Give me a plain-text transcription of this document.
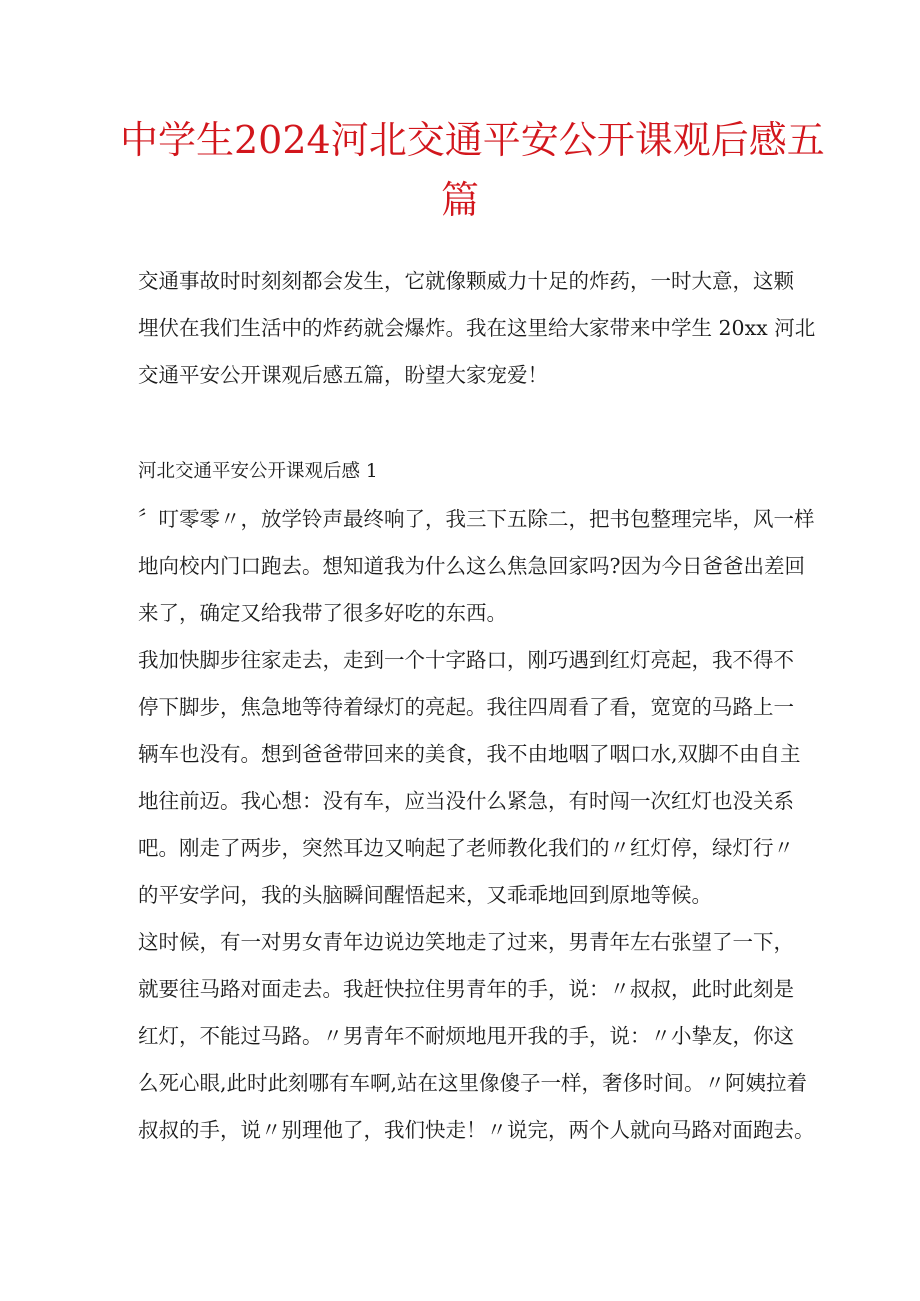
中学生2024河北交通平安公开课观后感五
篇
交通事故时时刻刻都会发生，它就像颗威力十足的炸药，一时大意，这颗
埋伏在我们生活中的炸药就会爆炸。我在这里给大家带来中学生 20xx 河北
交通平安公开课观后感五篇，盼望大家宠爱！
河北交通平安公开课观后感 1
〞叮零零〃，放学铃声最终响了，我三下五除二，把书包整理完毕，风一样
地向校内门口跑去。想知道我为什么这么焦急回家吗?因为今日爸爸出差回
来了，确定又给我带了很多好吃的东西。
我加快脚步往家走去，走到一个十字路口，刚巧遇到红灯亮起，我不得不
停下脚步，焦急地等待着绿灯的亮起。我往四周看了看，宽宽的马路上一
辆车也没有。想到爸爸带回来的美食，我不由地咽了咽口水,双脚不由自主
地往前迈。我心想：没有车，应当没什么紧急，有时闯一次红灯也没关系
吧。刚走了两步，突然耳边又响起了老师教化我们的〃红灯停，绿灯行〃
的平安学问，我的头脑瞬间醒悟起来，又乖乖地回到原地等候。
这时候，有一对男女青年边说边笑地走了过来，男青年左右张望了一下，
就要往马路对面走去。我赶快拉住男青年的手，说：〃叔叔，此时此刻是
红灯，不能过马路。〃男青年不耐烦地甩开我的手，说：〃小挚友，你这
么死心眼,此时此刻哪有车啊,站在这里像傻子一样，奢侈时间。〃阿姨拉着
叔叔的手，说〃别理他了，我们快走！〃说完，两个人就向马路对面跑去。
